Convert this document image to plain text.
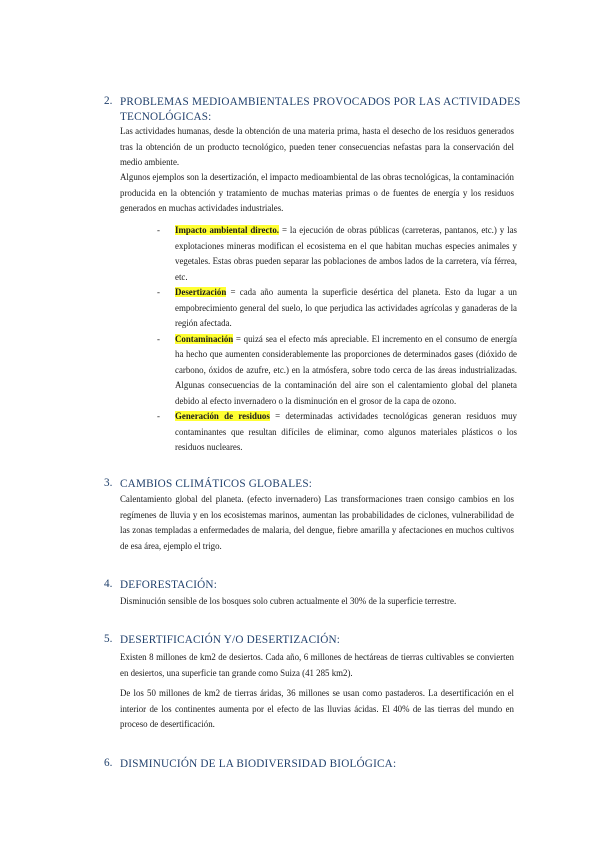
2. PROBLEMAS MEDIOAMBIENTALES PROVOCADOS POR LAS ACTIVIDADES
TECNOLÓGICAS:

Las actividades humanas, desde la obtención de una materia prima, hasta el desecho de los residuos generados tras la obtención de un producto tecnológico, pueden tener consecuencias nefastas para la conservación del medio ambiente.

Algunos ejemplos son la desertización, el impacto medioambiental de las obras tecnológicas, la contaminación producida en la obtención y tratamiento de muchas materias primas o de fuentes de energía y los residuos generados en muchas actividades industriales.

- Impacto ambiental directo. = la ejecución de obras públicas (carreteras, pantanos, etc.) y las explotaciones mineras modifican el ecosistema en el que habitan muchas especies animales y vegetales. Estas obras pueden separar las poblaciones de ambos lados de la carretera, vía férrea, etc.
- Desertización = cada año aumenta la superficie desértica del planeta. Esto da lugar a un empobrecimiento general del suelo, lo que perjudica las actividades agrícolas y ganaderas de la región afectada.
- Contaminación = quizá sea el efecto más apreciable. El incremento en el consumo de energía ha hecho que aumenten considerablemente las proporciones de determinados gases (dióxido de carbono, óxidos de azufre, etc.) en la atmósfera, sobre todo cerca de las áreas industrializadas. Algunas consecuencias de la contaminación del aire son el calentamiento global del planeta debido al efecto invernadero o la disminución en el grosor de la capa de ozono.
- Generación de residuos = determinadas actividades tecnológicas generan residuos muy contaminantes que resultan difíciles de eliminar, como algunos materiales plásticos o los residuos nucleares.
3. CAMBIOS CLIMÁTICOS GLOBALES:

Calentamiento global del planeta. (efecto invernadero) Las transformaciones traen consigo cambios en los regímenes de lluvia y en los ecosistemas marinos, aumentan las probabilidades de ciclones, vulnerabilidad de las zonas templadas a enfermedades de malaria, del dengue, fiebre amarilla y afectaciones en muchos cultivos de esa área, ejemplo el trigo.

4. DEFORESTACIÓN:

Disminución sensible de los bosques solo cubren actualmente el 30% de la superficie terrestre.

5. DESERTIFICACIÓN Y/O DESERTIZACIÓN:

Existen 8 millones de km2 de desiertos. Cada año, 6 millones de hectáreas de tierras cultivables se convierten en desiertos, una superficie tan grande como Suiza (41 285 km2).

De los 50 millones de km2 de tierras áridas, 36 millones se usan como pastaderos. La desertificación en el interior de los continentes aumenta por el efecto de las lluvias ácidas. El 40% de las tierras del mundo en proceso de desertificación.

6. DISMINUCIÓN DE LA BIODIVERSIDAD BIOLÓGICA:
